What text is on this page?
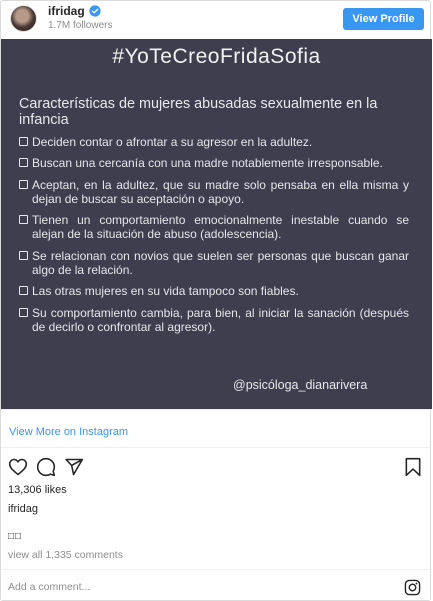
ifridag
1.7M followers
View Profile
#YoTeCreoFridaSofia
Características de mujeres abusadas sexualmente en la infancia
Deciden contar o afrontar a su agresor en la adultez.
Buscan una cercanía con una madre notablemente irresponsable.
Aceptan, en la adultez, que su madre solo pensaba en ella misma y dejan de buscar su aceptación o apoyo.
Tienen un comportamiento emocionalmente inestable cuando se alejan de la situación de abuso (adolescencia).
Se relacionan con novios que suelen ser personas que buscan ganar algo de la relación.
Las otras mujeres en su vida tampoco son fiables.
Su comportamiento cambia, para bien, al iniciar la sanación (después de decirlo o confrontar al agresor).
@psicóloga_dianarivera
View More on Instagram
13,306 likes
ifridag
□□
view all 1,335 comments
Add a comment...
